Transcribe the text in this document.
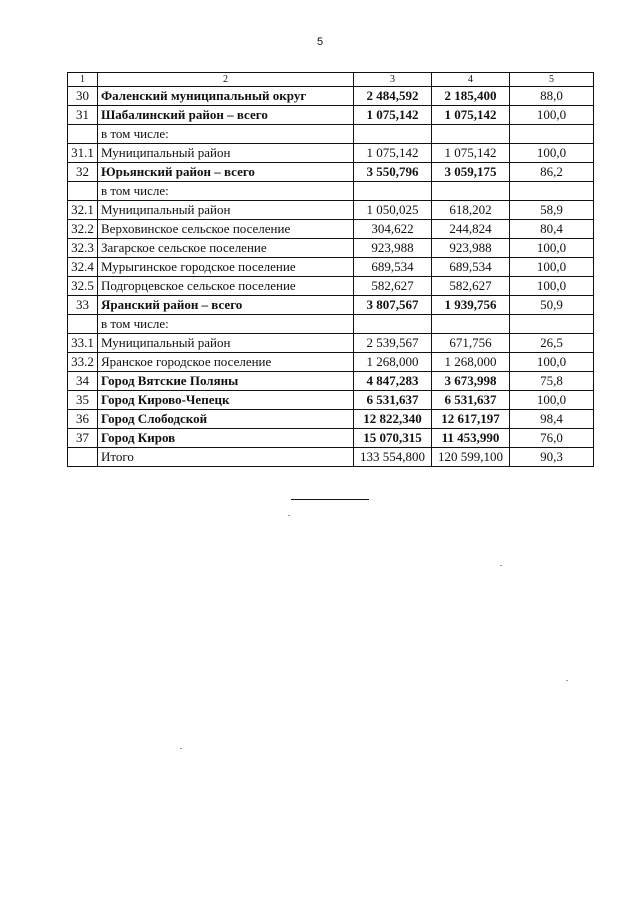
5
1	2	3	4	5
30	Фаленский муниципальный округ	2 484,592	2 185,400	88,0
31	Шабалинский район – всего	1 075,142	1 075,142	100,0
	в том числе:			
31.1	Муниципальный район	1 075,142	1 075,142	100,0
32	Юрьянский район – всего	3 550,796	3 059,175	86,2
	в том числе:			
32.1	Муниципальный район	1 050,025	618,202	58,9
32.2	Верховинское сельское поселение	304,622	244,824	80,4
32.3	Загарское сельское поселение	923,988	923,988	100,0
32.4	Мурыгинское городское поселение	689,534	689,534	100,0
32.5	Подгорцевское сельское поселение	582,627	582,627	100,0
33	Яранский район – всего	3 807,567	1 939,756	50,9
	в том числе:			
33.1	Муниципальный район	2 539,567	671,756	26,5
33.2	Яранское городское поселение	1 268,000	1 268,000	100,0
34	Город Вятские Поляны	4 847,283	3 673,998	75,8
35	Город Кирово-Чепецк	6 531,637	6 531,637	100,0
36	Город Слободской	12 822,340	12 617,197	98,4
37	Город Киров	15 070,315	11 453,990	76,0
	Итого	133 554,800	120 599,100	90,3
